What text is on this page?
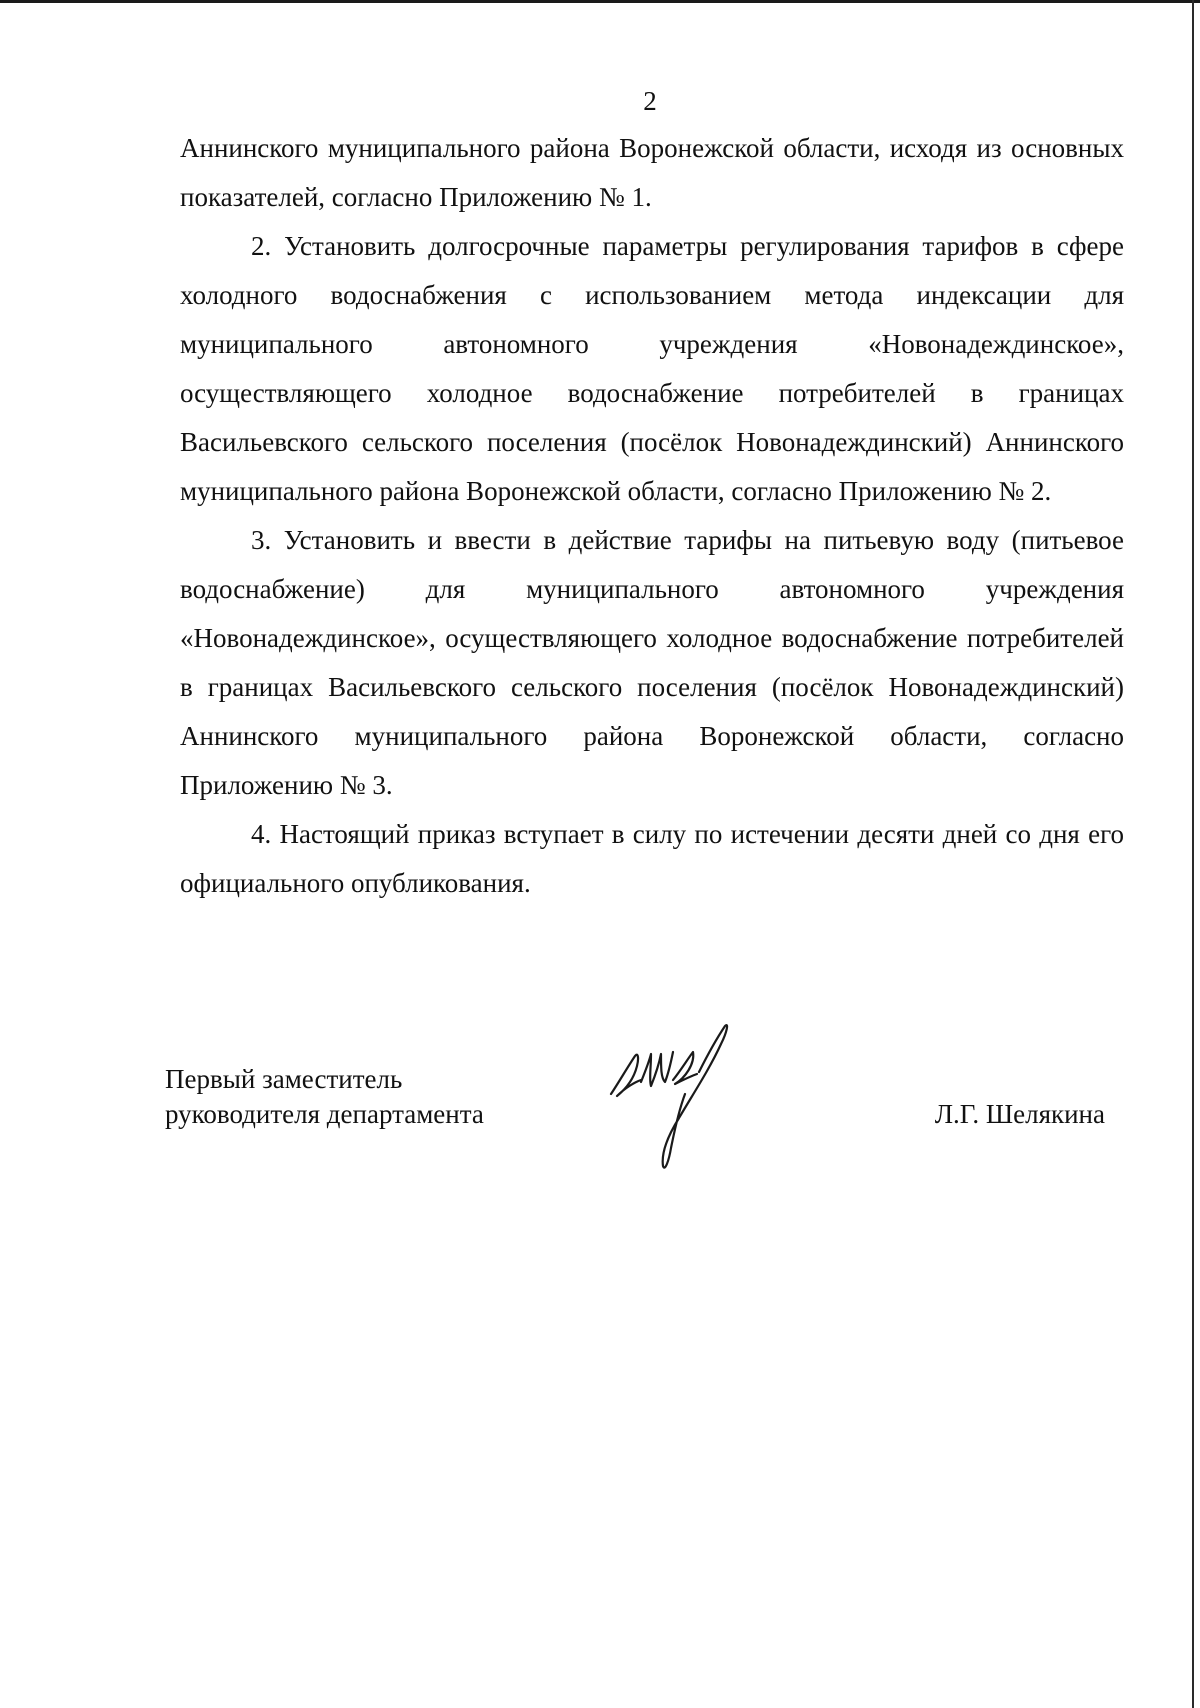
2

Аннинского муниципального района Воронежской области, исходя из основных показателей, согласно Приложению № 1.

2. Установить долгосрочные параметры регулирования тарифов в сфере холодного водоснабжения с использованием метода индексации для муниципального автономного учреждения «Новонадеждинское», осуществляющего холодное водоснабжение потребителей в границах Васильевского сельского поселения (посёлок Новонадеждинский) Аннинского муниципального района Воронежской области, согласно Приложению № 2.

3. Установить и ввести в действие тарифы на питьевую воду (питьевое водоснабжение) для муниципального автономного учреждения «Новонадеждинское», осуществляющего холодное водоснабжение потребителей в границах Васильевского сельского поселения (посёлок Новонадеждинский) Аннинского муниципального района Воронежской области, согласно Приложению № 3.

4. Настоящий приказ вступает в силу по истечении десяти дней со дня его официального опубликования.

Первый заместитель
руководителя департамента	Л.Г. Шелякина
